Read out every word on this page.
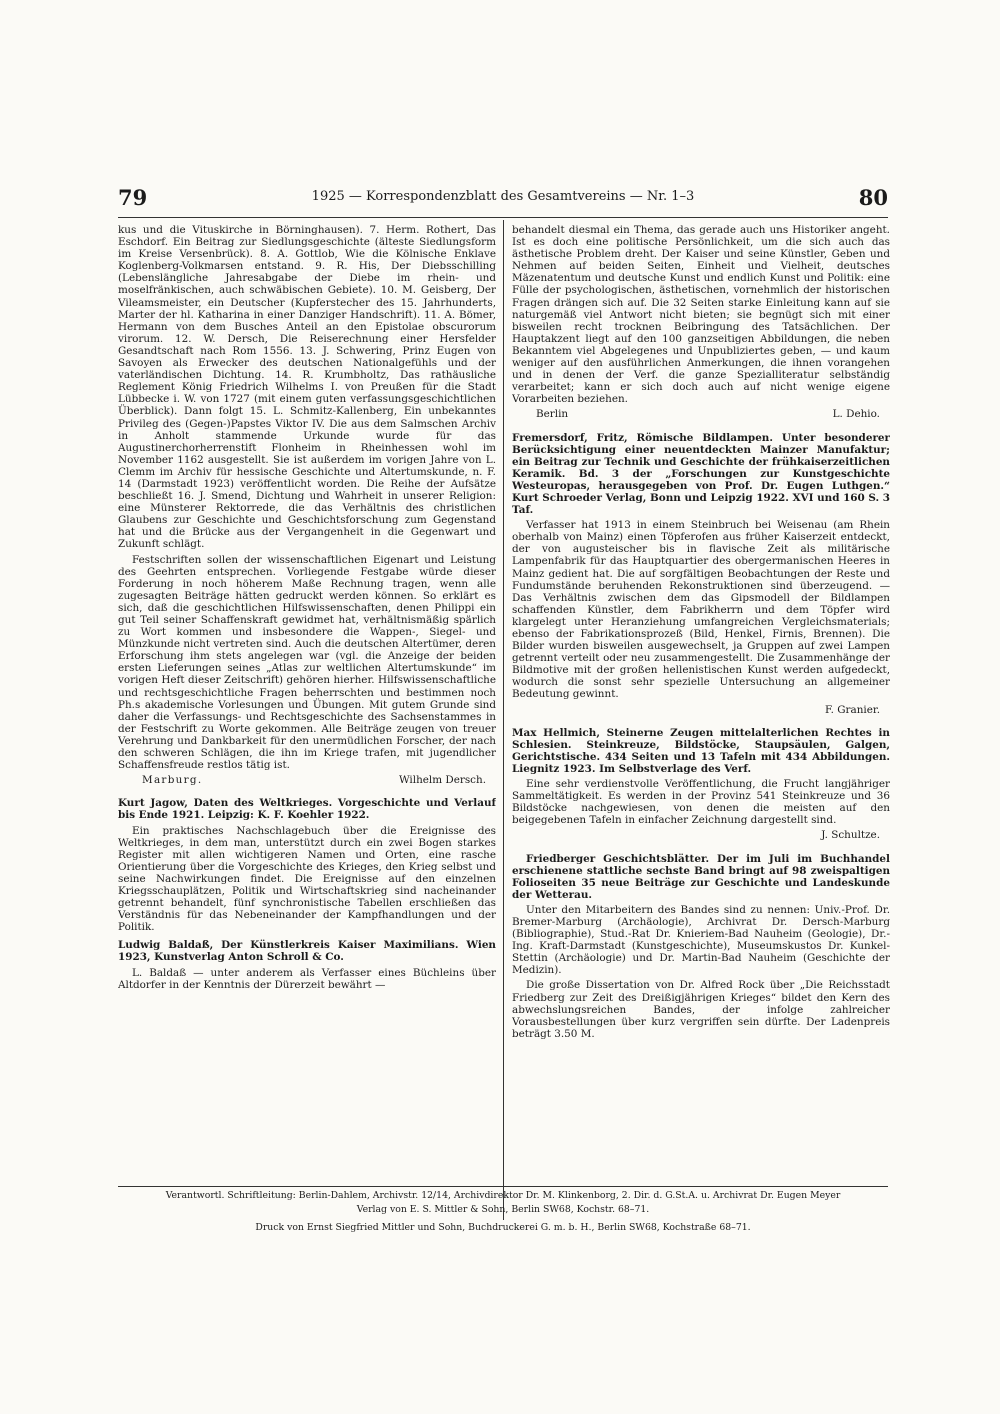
79	1925 — Korrespondenzblatt des Gesamtvereins — Nr. 1–3	80

kus und die Vituskirche in Börninghausen). 7. Herm. Rothert, Das Eschdorf. Ein Beitrag zur Siedlungsgeschichte (älteste Siedlungsform im Kreise Versenbrück). 8. A. Gottlob, Wie die Kölnische Enklave Koglenberg-Volkmarsen entstand. 9. R. His, Der Diebsschilling (Lebenslängliche Jahresabgabe der Diebe im rhein- und moselfränkischen, auch schwäbischen Gebiete). 10. M. Geisberg, Der Vileamsmeister, ein Deutscher (Kupferstecher des 15. Jahrhunderts, Marter der hl. Katharina in einer Danziger Handschrift). 11. A. Bömer, Hermann von dem Busches Anteil an den Epistolae obscurorum virorum. 12. W. Dersch, Die Reiserechnung einer Hersfelder Gesandtschaft nach Rom 1556. 13. J. Schwering, Prinz Eugen von Savoyen als Erwecker des deutschen Nationalgefühls und der vaterländischen Dichtung. 14. R. Krumbholtz, Das rathäusliche Reglement König Friedrich Wilhelms I. von Preußen für die Stadt Lübbecke i. W. von 1727 (mit einem guten verfassungsgeschichtlichen Überblick). Dann folgt 15. L. Schmitz-Kallenberg, Ein unbekanntes Privileg des (Gegen-)Papstes Viktor IV. Die aus dem Salmschen Archiv in Anholt stammende Urkunde wurde für das Augustinerchorherrenstift Flonheim in Rheinhessen wohl im November 1162 ausgestellt. Sie ist außerdem im vorigen Jahre von L. Clemm im Archiv für hessische Geschichte und Altertumskunde, n. F. 14 (Darmstadt 1923) veröffentlicht worden. Die Reihe der Aufsätze beschließt 16. J. Smend, Dichtung und Wahrheit in unserer Religion: eine Münsterer Rektorrede, die das Verhältnis des christlichen Glaubens zur Geschichte und Geschichtsforschung zum Gegenstand hat und die Brücke aus der Vergangenheit in die Gegenwart und Zukunft schlägt.

Festschriften sollen der wissenschaftlichen Eigenart und Leistung des Geehrten entsprechen. Vorliegende Festgabe würde dieser Forderung in noch höherem Maße Rechnung tragen, wenn alle zugesagten Beiträge hätten gedruckt werden können. So erklärt es sich, daß die geschichtlichen Hilfswissenschaften, denen Philippi ein gut Teil seiner Schaffenskraft gewidmet hat, verhältnismäßig spärlich zu Wort kommen und insbesondere die Wappen-, Siegel- und Münzkunde nicht vertreten sind. Auch die deutschen Altertümer, deren Erforschung ihm stets angelegen war (vgl. die Anzeige der beiden ersten Lieferungen seines „Atlas zur weltlichen Altertumskunde“ im vorigen Heft dieser Zeitschrift) gehören hierher. Hilfswissenschaftliche und rechtsgeschichtliche Fragen beherrschten und bestimmen noch Ph.s akademische Vorlesungen und Übungen. Mit gutem Grunde sind daher die Verfassungs- und Rechtsgeschichte des Sachsenstammes in der Festschrift zu Worte gekommen. Alle Beiträge zeugen von treuer Verehrung und Dankbarkeit für den unermüdlichen Forscher, der nach den schweren Schlägen, die ihn im Kriege trafen, mit jugendlicher Schaffensfreude restlos tätig ist.

Marburg.	Wilhelm Dersch.

Kurt Jagow, Daten des Weltkrieges. Vorgeschichte und Verlauf bis Ende 1921. Leipzig: K. F. Koehler 1922.

Ein praktisches Nachschlagebuch über die Ereignisse des Weltkrieges, in dem man, unterstützt durch ein zwei Bogen starkes Register mit allen wichtigeren Namen und Orten, eine rasche Orientierung über die Vorgeschichte des Krieges, den Krieg selbst und seine Nachwirkungen findet. Die Ereignisse auf den einzelnen Kriegsschauplätzen, Politik und Wirtschaftskrieg sind nacheinander getrennt behandelt, fünf synchronistische Tabellen erschließen das Verständnis für das Nebeneinander der Kampfhandlungen und der Politik.

Ludwig Baldaß, Der Künstlerkreis Kaiser Maximilians. Wien 1923, Kunstverlag Anton Schroll & Co.

L. Baldaß — unter anderem als Verfasser eines Büchleins über Altdorfer in der Kenntnis der Dürerzeit bewährt —

behandelt diesmal ein Thema, das gerade auch uns Historiker angeht. Ist es doch eine politische Persönlichkeit, um die sich auch das ästhetische Problem dreht. Der Kaiser und seine Künstler, Geben und Nehmen auf beiden Seiten, Einheit und Vielheit, deutsches Mäzenatentum und deutsche Kunst und endlich Kunst und Politik: eine Fülle der psychologischen, ästhetischen, vornehmlich der historischen Fragen drängen sich auf. Die 32 Seiten starke Einleitung kann auf sie naturgemäß viel Antwort nicht bieten; sie begnügt sich mit einer bisweilen recht trocknen Beibringung des Tatsächlichen. Der Hauptakzent liegt auf den 100 ganzseitigen Abbildungen, die neben Bekanntem viel Abgelegenes und Unpubliziertes geben, — und kaum weniger auf den ausführlichen Anmerkungen, die ihnen vorangehen und in denen der Verf. die ganze Spezialliteratur selbständig verarbeitet; kann er sich doch auch auf nicht wenige eigene Vorarbeiten beziehen.

Berlin	L. Dehio.

Fremersdorf, Fritz, Römische Bildlampen. Unter besonderer Berücksichtigung einer neuentdeckten Mainzer Manufaktur; ein Beitrag zur Technik und Geschichte der frühkaiserzeitlichen Keramik. Bd. 3 der „Forschungen zur Kunstgeschichte Westeuropas, herausgegeben von Prof. Dr. Eugen Luthgen.“ Kurt Schroeder Verlag, Bonn und Leipzig 1922. XVI und 160 S. 3 Taf.

Verfasser hat 1913 in einem Steinbruch bei Weisenau (am Rhein oberhalb von Mainz) einen Töpferofen aus früher Kaiserzeit entdeckt, der von augusteischer bis in flavische Zeit als militärische Lampenfabrik für das Hauptquartier des obergermanischen Heeres in Mainz gedient hat. Die auf sorgfältigen Beobachtungen der Reste und Fundumstände beruhenden Rekonstruktionen sind überzeugend. — Das Verhältnis zwischen dem das Gipsmodell der Bildlampen schaffenden Künstler, dem Fabrikherrn und dem Töpfer wird klargelegt unter Heranziehung umfangreichen Vergleichsmaterials; ebenso der Fabrikationsprozeß (Bild, Henkel, Firnis, Brennen). Die Bilder wurden bisweilen ausgewechselt, ja Gruppen auf zwei Lampen getrennt verteilt oder neu zusammengestellt. Die Zusammenhänge der Bildmotive mit der großen hellenistischen Kunst werden aufgedeckt, wodurch die sonst sehr spezielle Untersuchung an allgemeiner Bedeutung gewinnt.

F. Granier.

Max Hellmich, Steinerne Zeugen mittelalterlichen Rechtes in Schlesien. Steinkreuze, Bildstöcke, Staupsäulen, Galgen, Gerichtstische. 434 Seiten und 13 Tafeln mit 434 Abbildungen. Liegnitz 1923. Im Selbstverlage des Verf.

Eine sehr verdienstvolle Veröffentlichung, die Frucht langjähriger Sammeltätigkeit. Es werden in der Provinz 541 Steinkreuze und 36 Bildstöcke nachgewiesen, von denen die meisten auf den beigegebenen Tafeln in einfacher Zeichnung dargestellt sind.

J. Schultze.

Friedberger Geschichtsblätter. Der im Juli im Buchhandel erschienene stattliche sechste Band bringt auf 98 zweispaltigen Folioseiten 35 neue Beiträge zur Geschichte und Landeskunde der Wetterau.

Unter den Mitarbeitern des Bandes sind zu nennen: Univ.-Prof. Dr. Bremer-Marburg (Archäologie), Archivrat Dr. Dersch-Marburg (Bibliographie), Stud.-Rat Dr. Knieriem-Bad Nauheim (Geologie), Dr.-Ing. Kraft-Darmstadt (Kunstgeschichte), Museumskustos Dr. Kunkel-Stettin (Archäologie) und Dr. Martin-Bad Nauheim (Geschichte der Medizin).

Die große Dissertation von Dr. Alfred Rock über „Die Reichsstadt Friedberg zur Zeit des Dreißigjährigen Krieges“ bildet den Kern des abwechslungsreichen Bandes, der infolge zahlreicher Vorausbestellungen über kurz vergriffen sein dürfte. Der Ladenpreis beträgt 3.50 M.

Verantwortl. Schriftleitung: Berlin-Dahlem, Archivstr. 12/14, Archivdirektor Dr. M. Klinkenborg, 2. Dir. d. G.St.A. u. Archivrat Dr. Eugen Meyer
Verlag von E. S. Mittler & Sohn, Berlin SW68, Kochstr. 68–71.
Druck von Ernst Siegfried Mittler und Sohn, Buchdruckerei G. m. b. H., Berlin SW68, Kochstraße 68–71.
